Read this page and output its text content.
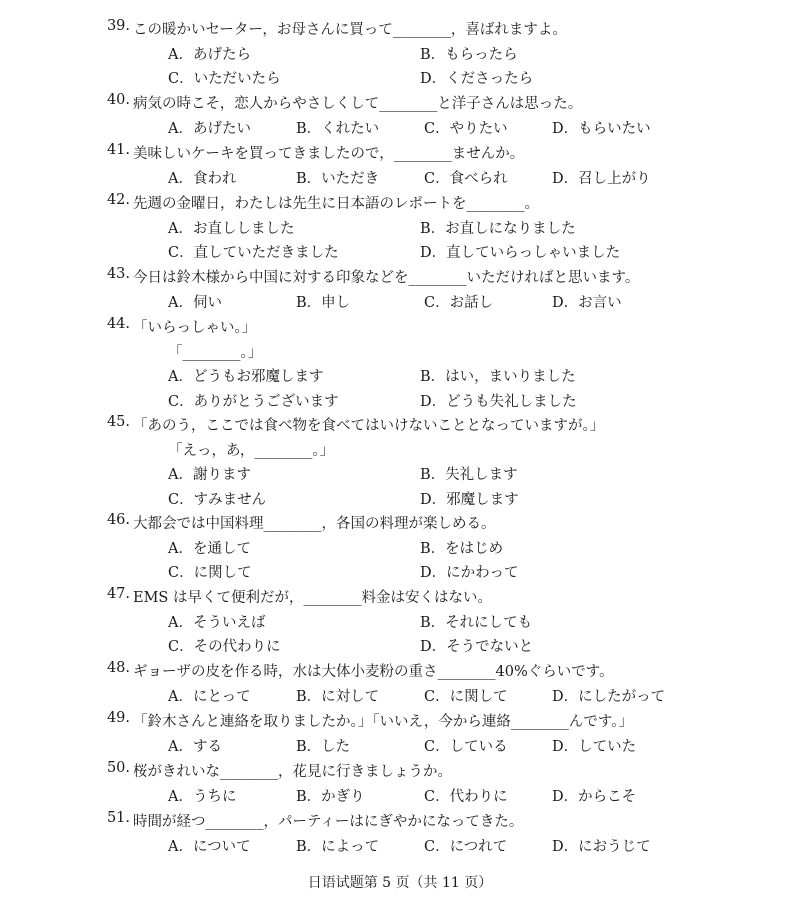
39. この暖かいセーター，お母さんに買って________，喜ばれますよ。
A．あげたら	B．もらったら
C．いただいたら	D．くださったら
40. 病気の時こそ，恋人からやさしくして________と洋子さんは思った。
A．あげたい	B．くれたい	C．やりたい	D．もらいたい
41. 美味しいケーキを買ってきましたので，________ませんか。
A．食われ	B．いただき	C．食べられ	D．召し上がり
42. 先週の金曜日，わたしは先生に日本語のレポートを________。
A．お直ししました	B．お直しになりました
C．直していただきました	D．直していらっしゃいました
43. 今日は鈴木様から中国に対する印象などを________いただければと思います。
A．伺い	B．申し	C．お話し	D．お言い
44. 「いらっしゃい。」
「________。」
A．どうもお邪魔します	B．はい，まいりました
C．ありがとうございます	D．どうも失礼しました
45. 「あのう，ここでは食べ物を食べてはいけないこととなっていますが。」
「えっ，あ，________。」
A．謝ります	B．失礼します
C．すみません	D．邪魔します
46. 大都会では中国料理________，各国の料理が楽しめる。
A．を通して	B．をはじめ
C．に関して	D．にかわって
47. EMS は早くて便利だが，________料金は安くはない。
A．そういえば	B．それにしても
C．その代わりに	D．そうでないと
48. ギョーザの皮を作る時，水は大体小麦粉の重さ________40%ぐらいです。
A．にとって	B．に対して	C．に関して	D．にしたがって
49. 「鈴木さんと連絡を取りましたか。」「いいえ，今から連絡________んです。」
A．する	B．した	C．している	D．していた
50. 桜がきれいな________，花見に行きましょうか。
A．うちに	B．かぎり	C．代わりに	D．からこそ
51. 時間が経つ________，パーティーはにぎやかになってきた。
A．について	B．によって	C．につれて	D．におうじて
日语试题第 5 页（共 11 页）
